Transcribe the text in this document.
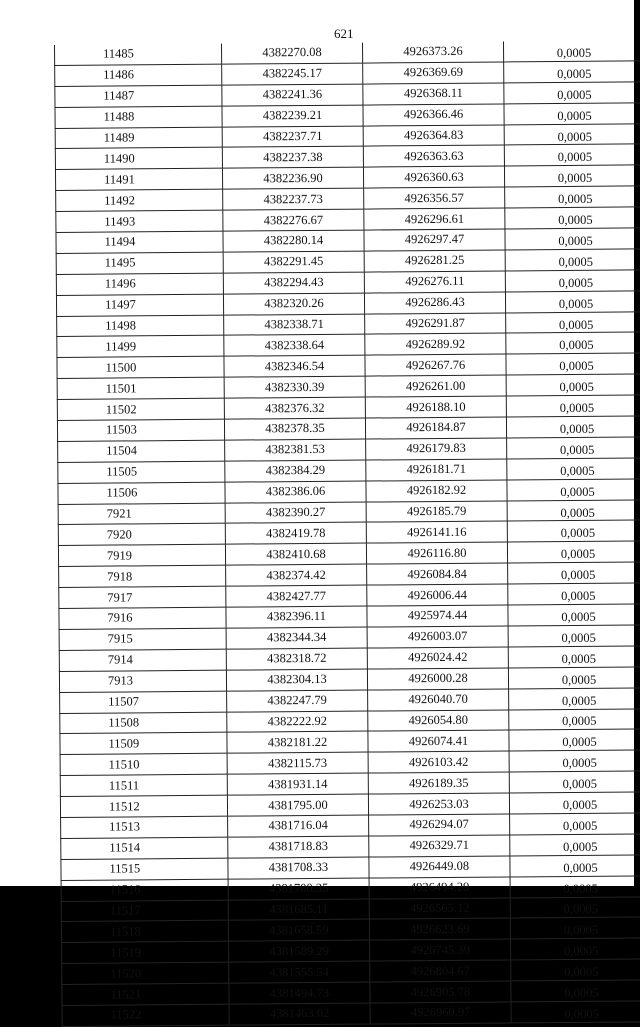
621
11485	4382270.08	4926373.26	0,0005
11486	4382245.17	4926369.69	0,0005
11487	4382241.36	4926368.11	0,0005
11488	4382239.21	4926366.46	0,0005
11489	4382237.71	4926364.83	0,0005
11490	4382237.38	4926363.63	0,0005
11491	4382236.90	4926360.63	0,0005
11492	4382237.73	4926356.57	0,0005
11493	4382276.67	4926296.61	0,0005
11494	4382280.14	4926297.47	0,0005
11495	4382291.45	4926281.25	0,0005
11496	4382294.43	4926276.11	0,0005
11497	4382320.26	4926286.43	0,0005
11498	4382338.71	4926291.87	0,0005
11499	4382338.64	4926289.92	0,0005
11500	4382346.54	4926267.76	0,0005
11501	4382330.39	4926261.00	0,0005
11502	4382376.32	4926188.10	0,0005
11503	4382378.35	4926184.87	0,0005
11504	4382381.53	4926179.83	0,0005
11505	4382384.29	4926181.71	0,0005
11506	4382386.06	4926182.92	0,0005
7921	4382390.27	4926185.79	0,0005
7920	4382419.78	4926141.16	0,0005
7919	4382410.68	4926116.80	0,0005
7918	4382374.42	4926084.84	0,0005
7917	4382427.77	4926006.44	0,0005
7916	4382396.11	4925974.44	0,0005
7915	4382344.34	4926003.07	0,0005
7914	4382318.72	4926024.42	0,0005
7913	4382304.13	4926000.28	0,0005
11507	4382247.79	4926040.70	0,0005
11508	4382222.92	4926054.80	0,0005
11509	4382181.22	4926074.41	0,0005
11510	4382115.73	4926103.42	0,0005
11511	4381931.14	4926189.35	0,0005
11512	4381795.00	4926253.03	0,0005
11513	4381716.04	4926294.07	0,0005
11514	4381718.83	4926329.71	0,0005
11515	4381708.33	4926449.08	0,0005
11516	4381700.35	4926494.29	0,0005
11517	4381685.11	4926565.12	0,0005
11518	4381658.59	4926623.69	0,0005
11519	4381589.29	4926745.39	0,0005
11520	4381555.54	4926804.67	0,0005
11521	4381494.73	4926905.78	0,0005
11522	4381463.02	4926960.97	0,0005
